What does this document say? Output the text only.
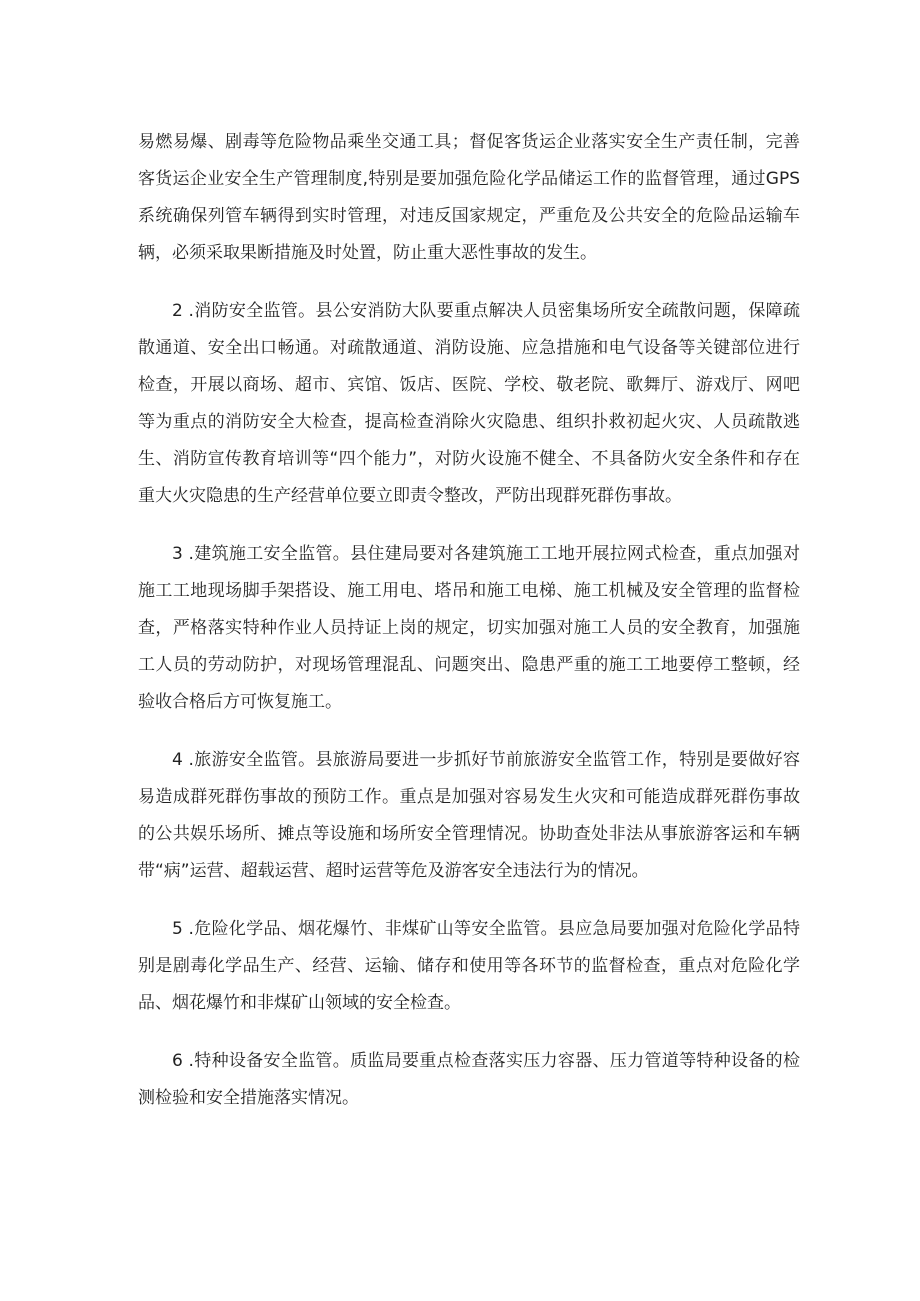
易燃易爆、剧毒等危险物品乘坐交通工具；督促客货运企业落实安全生产责任制，完善客货运企业安全生产管理制度,特别是要加强危险化学品储运工作的监督管理，通过GPS系统确保列管车辆得到实时管理，对违反国家规定，严重危及公共安全的危险品运输车辆，必须采取果断措施及时处置，防止重大恶性事故的发生。

2 .消防安全监管。县公安消防大队要重点解决人员密集场所安全疏散问题，保障疏散通道、安全出口畅通。对疏散通道、消防设施、应急措施和电气设备等关键部位进行检查，开展以商场、超市、宾馆、饭店、医院、学校、敬老院、歌舞厅、游戏厅、网吧等为重点的消防安全大检查，提高检查消除火灾隐患、组织扑救初起火灾、人员疏散逃生、消防宣传教育培训等“四个能力”，对防火设施不健全、不具备防火安全条件和存在重大火灾隐患的生产经营单位要立即责令整改，严防出现群死群伤事故。

3 .建筑施工安全监管。县住建局要对各建筑施工工地开展拉网式检查，重点加强对施工工地现场脚手架搭设、施工用电、塔吊和施工电梯、施工机械及安全管理的监督检查，严格落实特种作业人员持证上岗的规定，切实加强对施工人员的安全教育，加强施工人员的劳动防护，对现场管理混乱、问题突出、隐患严重的施工工地要停工整顿，经验收合格后方可恢复施工。

4 .旅游安全监管。县旅游局要进一步抓好节前旅游安全监管工作，特别是要做好容易造成群死群伤事故的预防工作。重点是加强对容易发生火灾和可能造成群死群伤事故的公共娱乐场所、摊点等设施和场所安全管理情况。协助查处非法从事旅游客运和车辆带“病”运营、超载运营、超时运营等危及游客安全违法行为的情况。

5 .危险化学品、烟花爆竹、非煤矿山等安全监管。县应急局要加强对危险化学品特别是剧毒化学品生产、经营、运输、储存和使用等各环节的监督检查，重点对危险化学品、烟花爆竹和非煤矿山领域的安全检查。

6 .特种设备安全监管。质监局要重点检查落实压力容器、压力管道等特种设备的检测检验和安全措施落实情况。
